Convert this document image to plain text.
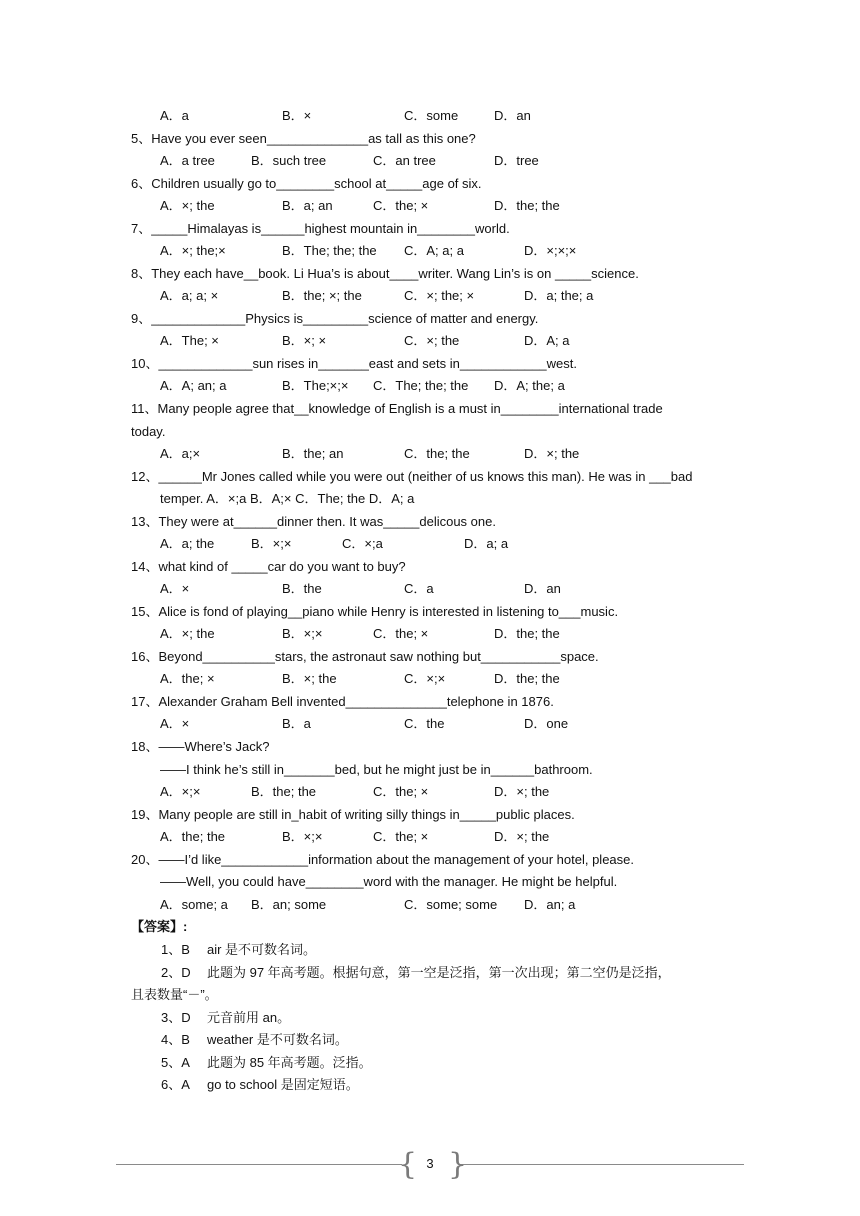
A．a	B．×	C．some	D．an
5、Have you ever seen______________as tall as this one?
A．a tree	B．such tree	C．an tree	D．tree
6、Children usually go to________school at_____age of six.
A．×; the	B．a; an	C．the; ×	D．the; the
7、_____Himalayas is______highest mountain in________world.
A．×; the;×	B．The; the; the C．A; a; a	D．×;×;×
8、They each have__book. Li Hua’s is about____writer. Wang Lin’s is on _____science.
A．a; a; ×	B．the; ×; the	C．×; the; ×	D．a; the; a
9、_____________Physics is_________science of matter and energy.
A．The; ×	B．×; ×	C．×; the	D．A; a
10、_____________sun rises in_______east and sets in____________west.
A．A; an; a	B．The;×;× C．The; the; the D．A; the; a
11、Many people agree that__knowledge of English is a must in________international trade
today.
A．a;×	B．the; an	C．the; the	D．×; the
12、______Mr Jones called while you were out (neither of us knows this man). He was in ___bad
temper. A．×;a B．A;× C．The; the D．A; a
13、They were at______dinner then. It was_____delicous one.
A．a; the	B．×;×	C．×;a	D．a; a
14、what kind of _____car do you want to buy?
A．×	B．the	C．a	D．an
15、Alice is fond of playing__piano while Henry is interested in listening to___music.
A．×; the	B．×;×	C．the; ×	D．the; the
16、Beyond__________stars, the astronaut saw nothing but___________space.
A．the; ×	B．×; the	C．×;×	D．the; the
17、Alexander Graham Bell invented______________telephone in 1876.
A．×	B．a	C．the	D．one
18、——Where’s Jack?
——I think he’s still in_______bed, but he might just be in______bathroom.
A．×;×	B．the; the	C．the; ×	D．×; the
19、Many people are still in_habit of writing silly things in_____public places.
A．the; the	B．×;×	C．the; ×	D．×; the
20、——I’d like____________information about the management of your hotel, please.
——Well, you could have________word with the manager. He might be helpful.
A．some; a B．an; some	C．some; some D．an; a
【答案】:
1、B air 是不可数名词。
2、D 此题为 97 年高考题。根据句意，第一空是泛指，第一次出现；第二空仍是泛指，
且表数量“－”。
3、D 元音前用 an。
4、B weather 是不可数名词。
5、A 此题为 85 年高考题。泛指。
6、A go to school 是固定短语。
{ }
3
